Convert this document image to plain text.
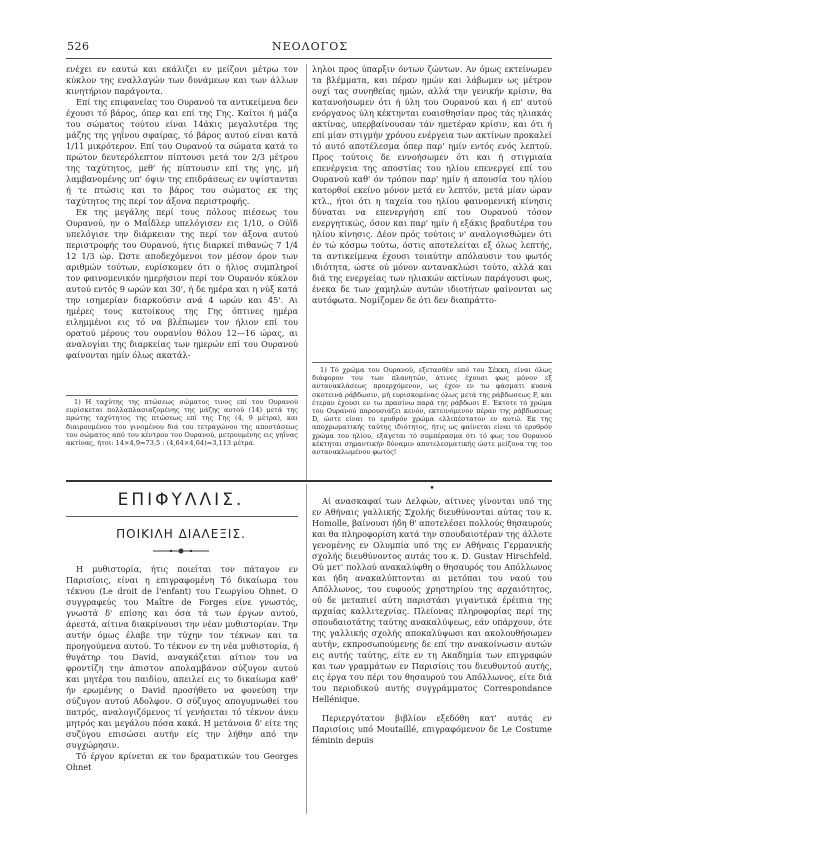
526	ΝΕΟΛΟΓΟΣ

ενέχει εν εαυτώ και εκάλιζει εν μείζονι μέτρω τον κύκλον της εναλλαγών των δυνάμεων και των άλλων κινητήριον παράγοντα.

Επί της επιφανείας του Ουρανού τα αντικείμενα δεν έχουσι τό βάρος, όπερ και επί της Γης. Καίτοι ή μάζα του σώματος τούτου είναι 14άκις μεγαλυτέρα της μάζης της γηΐνου σφαίρας, τό βάρος αυτού είναι κατά 1/11 μικρότερον. Επί του Ουρανού τα σώματα κατά το πρώτον δευτερόλεπτον πίπτουσι μετά τον 2/3 μέτρου της ταχύτητος, μεθ' ής πίπτουσιν επί της γης, μή λαμβανομένης υπ' όψιν της επιδράσεως εν υψίστανται ή τε πτώσις και το βάρος του σώματος εκ της ταχύτητος της περί τον άξονα περιστροφής.

Εκ της μεγάλης περί τους πόλους πιέσεως του Ουρανού, ην ο Μαΐδλερ υπελόγισεν εις 1/10, ο Ούϊδ υπελόγισε την διάρκειαν της περί τον άξονα αυτού περιστροφής του Ουρανού, ήτις διαρκεί πιθανώς 7 1/4 12 1/3 ώρ. Ώστε αποδεχόμενοι τον μέσον όρον των αριθμών τούτων, ευρίσκομεν ότι ο ήλιος συμπληροί τον φαινομενικόν ημερήσιον περί τον Ουρανόν κύκλον αυτού εντός 9 ωρών και 30', ή δε ημέρα και η νύξ κατά την ισημερίαν διαρκούσιν ανά 4 ωρών και 45'. Αι ημέρες τους κατοίκους της Γης όπτινες ημέρα ειλημμένοι εις τό να βλέπωμεν τον ήλιον επί του ορατού μέρους του ουρανίου θόλου 12—16 ώρας, αι αναλογίαι της διαρκείας των ημερών επί του Ουρανού φαίνονται ημίν όλως ακατάλ-

1) Η ταχύτης της πτώσεως σώματος τινος επί του Ουρανού ευρίσκεται πολλαπλασιαζομένης της μάζης αυτού (14) μετά της πρώτης ταχύτητος της πτώσεως επί της Γης (4, 9 μέτρα), και διαιρουμένου του γινομένου διά του τετραγώνου της αποστάσεως του σώματος από του κέντρου του Ουρανού, μετρουμένης εις γηΐνας ακτίνας, ήτοι: 14×4,9=73,5 : (4,64×4,64)=3,113 μέτρα.

ληλοι προς ύπαρξιν όντων ζώντων. Αν όμως εκτείνωμεν τα βλέμματα, και πέραν ημών και λάβωμεν ως μέτρον ουχί τας συνηθείας ημών, αλλά την γενικήν κρίσιν, θα κατανοήσωμεν ότι ή ύλη του Ουρανού και ή επ' αυτού ενόργανος ύλη κέκτηνται ευαισθησίαν προς τάς ηλιακάς ακτίνας, υπερβαίνουσαν τάν ημετέραν κρίσιν, και ότι ή επί μίαν στιγμήν χρόνου ενέργεια των ακτίνων προκαλεί τό αυτό αποτέλεσμα όπερ παρ' ημίν εντός ενός λεπτού. Προς τούτοις δε εννοήσωμεν ότι και ή στιγμιαία επενέργεια της αποστίας του ηλίου επενεργεί επί του Ουρανού καθ' όν τρόπον παρ' ημίν ή απουσία του ηλίου κατορθοί εκείνο μόνον μετά εν λεπτόν, μετά μίαν ώραν κτλ., ήτοι ότι η ταχεία του ηλίου φαινομενική κίνησις δύναται να επενεργήση επί του Ουρανού τόσον ενεργητικώς, όσον και παρ' ημίν ή εξάκις βραδυτέρα του ηλίου κίνησις. Δέον πρός τούτοις ν' αναλογισθώμεν ότι έν τώ κόσμω τούτω, όστις αποτελείται εξ όλως λεπτής, τα αντικείμενα έχουσι τοιαύτην απόλαυσιν του φωτός ιδιότητα, ώστε ού μόνον αντανακλώσι τούτο, αλλά και διά της ενεργείας των ηλιακών ακτίνων παράγουσι φως, ένεκα δε των χαμηλών αυτών ιδιοτήτων φαίνονται ως αυτόφωτα. Νομίζομεν δε ότι δεν διαπράττο-

1) Τό χρώμα του Ουρανού, εξετασθέν υπό του Σέκκη, είναι όλως διάφορον του των πλανητών, άτινες έχουσι φως μόνον εξ αντανακλάσεως προερχόμενον, ως έχον εν τω φάσματι κυανά σκοτεινά ράβδωσιν, μή ευρισκομένας όλως μετά της ράβδωσεως F, και έτεραν έχουσι εν τω πρασίνω παρά της ράβδωσι E. Έκτοτε τό χρώμα του Ουρανού παρουσιάζει κενόν, εκτεινόμενον πέραν της ράβδωσεως D, ώστε είναι το ερυθρόν χρώμα ελλιπέστατον εν αυτώ. Εκ της αποχρωματικής ταύτης ιδιότητος, ήτις ως φαίνεται είναι τό ερυθρόν χρώμα του ηλίου, εξάγεται τό συμπέρασμα ότι τό φως του Ουρανού κέκτηται σημαντικήν δύναμιν αποτελεσματικής ώστε μείζονα της του αντανακλωμένου φωτός!

ΕΠΙΦΥΛΛΙΣ.
ΠΟΙΚΙΛΗ ΔΙΑΛΕΞΙΣ.

Η μυθιστορία, ήτις ποιείται τον πάταγον εν Παρισίοις, είναι η επιγραφομένη Τό δικαίωμα του τέκνου (Le droit de l'enfant) του Γεωργίου Ohnet. Ο συγγραφεύς του Maître de Forges είνε γνωστός, γνωστά δ' επίσης και όσα τά των έργων αυτού, άρεστά, αίτινα διακρίνουσι την νέαν μυθιστορίαν. Την αυτήν όμως έλαβε την τύχην τον τέκνων και τα προηγούμενα αυτού. Το τέκνον εν τη νέα μυθιστορία, ή θυγάτηρ του David, αναγκάζεται αίτιον του να φροντίζη την άπιστον απολαμβάνον σύζυγον αυτού και μητέρα του παιδίου, απειλεί εις το δικαίωμα καθ' ήν ερωμένης ο David προσήθετο να φονεύση την σύζυγον αυτού Αδολφον. Ο σύζυγος απογυμνωθεί του πατρός, αναλογιζόμενος τί γενήσεται τό τέκνον άνευ μητρός και μεγάλου πόσα κακά. Η μετάνοια δ' είτε της συζύγου επισώσει αυτήν είς την λήθην από την συγχώρησιν.

Τό έργον κρίνεται εκ τον δραματικών του Georges Ohnet

•

Αί ανασκαφαί των Δελφών, αίτινες γίνονται υπό της εν Αθήναις γαλλικής Σχολής διευθύνονται αύτας του κ. Homolle, βαίνουσι ήδη θ' αποτελέσει πολλούς θησαυρούς και θα πληροφορίση κατά την σπουδαιοτέραν της άλλοτε γενομένης εν Ολυμπία υπό της εν Αθήναις Γερμανικής σχολής διευθύνοντος αυτάς του κ. D. Gustav Hirschfeld. Ού μετ' πολλού ανακαλύφθη ο θησαυρός του Απόλλωνος και ήδη ανακαλύπτονται αι μετόπαι του ναού του Απόλλωνος, του ευφυούς χρηστηρίου της αρχαιότητος, ού δε μεταπιεί αύτη παριστάσι γιγαντικά έρέιπια της αρχαίας καλλιτεχνίας. Πλείονας πληροφορίας περί της σπουδαιοτάτης ταύτης ανακαλύψεως, εάν υπάρχουν, ότε της γαλλικής σχολής αποκαλύψωσι και ακολουθήσωμεν αυτήν, εκπροσωπούμενης δε επί την ανακοίνωσιν αυτών εις αυτής ταύτης, είτε εν τη Ακαδημία των επιγραφών και των γραμμάτων εν Παρισίοις του διευθυντού αυτής, εις έργα του πέρι του θησαυρού του Απόλλωνος, είτε διά του περιοδικού αυτής συγγράμματος Correspondance Hellénique.

Περιεργότατον βιβλίον εξεδόθη κατ' αυτάς εν Παρισίοις υπό Moutaillé, επιγραφόμενον δε Le Costume féminin depuis
